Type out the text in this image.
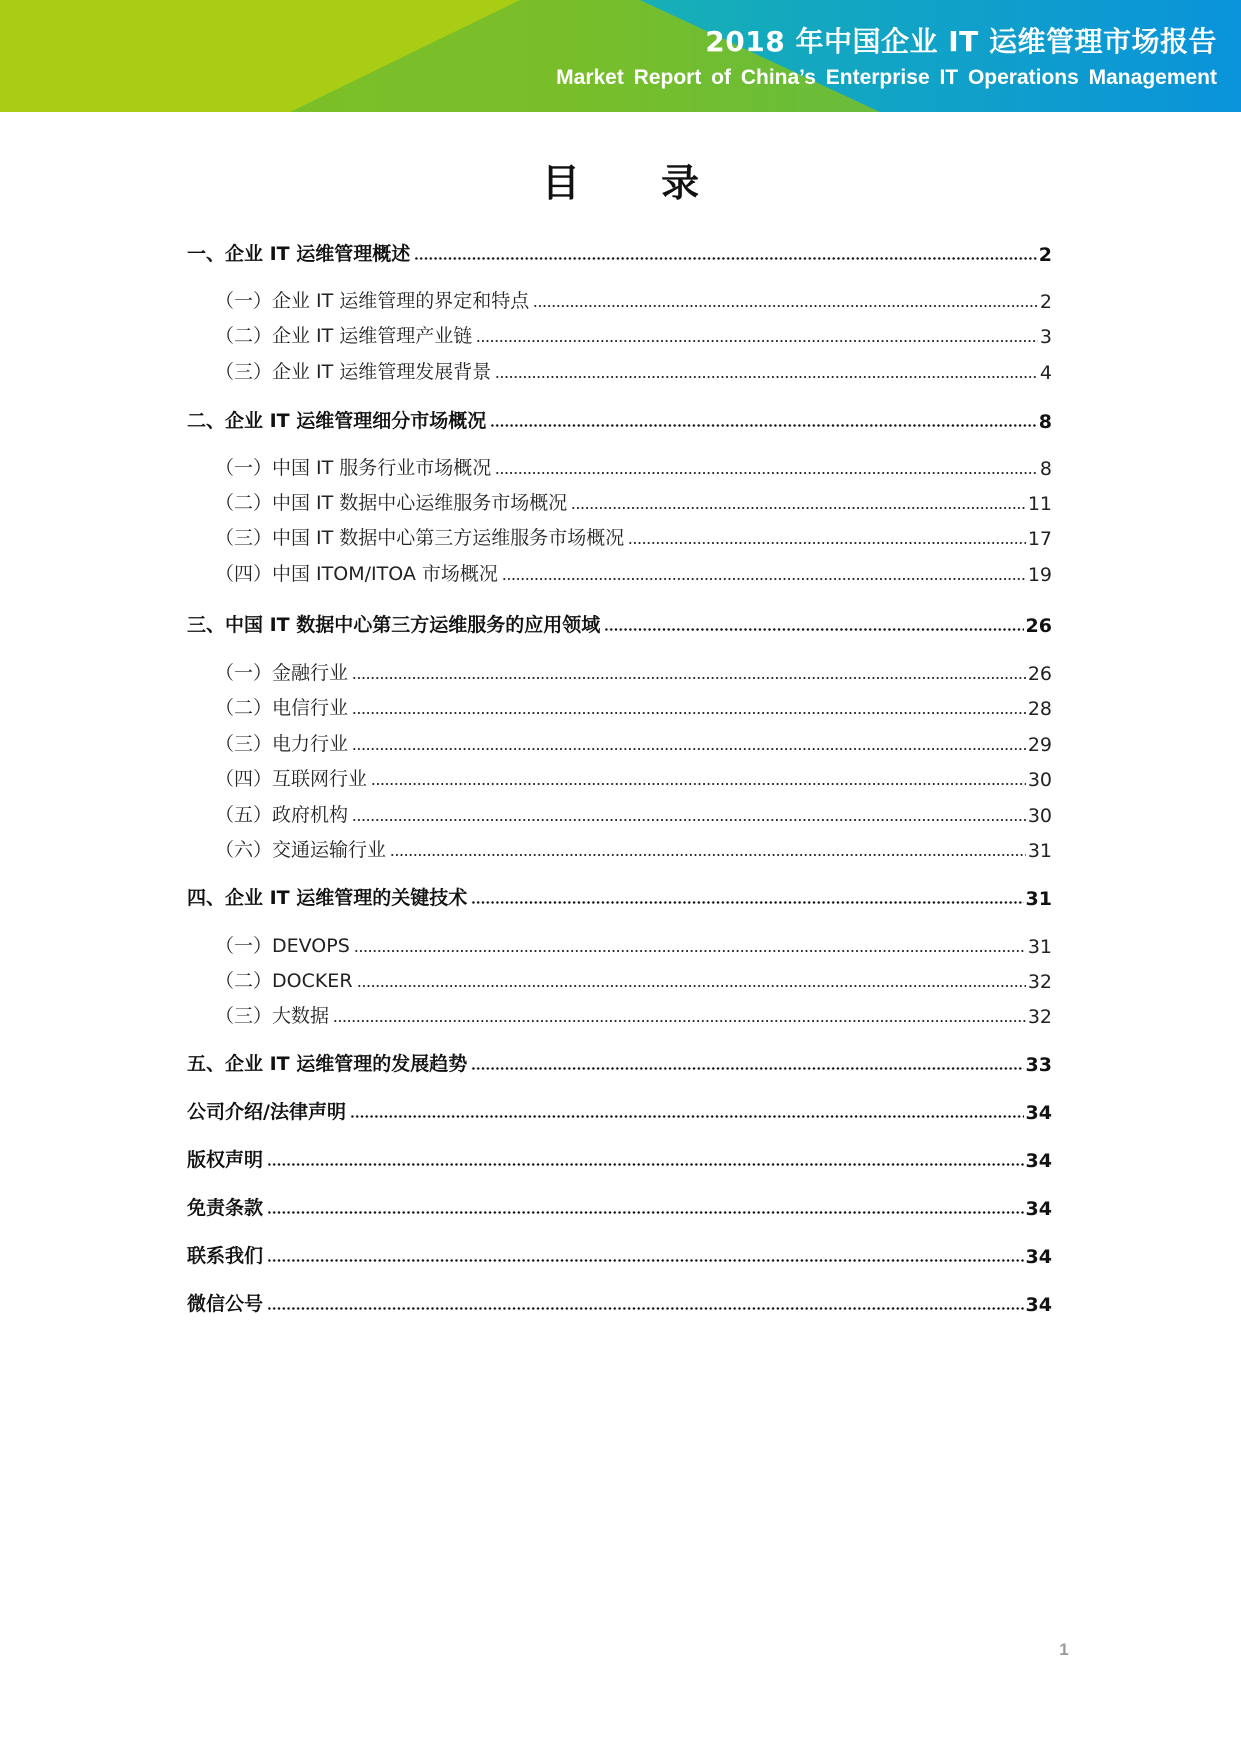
2018 年中国企业 IT 运维管理市场报告
Market Report of China’s Enterprise IT Operations Management
目 录
一、企业 IT 运维管理概述	2
（一）企业 IT 运维管理的界定和特点	2
（二）企业 IT 运维管理产业链	3
（三）企业 IT 运维管理发展背景	4
二、企业 IT 运维管理细分市场概况	8
（一）中国 IT 服务行业市场概况	8
（二）中国 IT 数据中心运维服务市场概况	11
（三）中国 IT 数据中心第三方运维服务市场概况	17
（四）中国 ITOM/ITOA 市场概况	19
三、中国 IT 数据中心第三方运维服务的应用领域	26
（一）金融行业	26
（二）电信行业	28
（三）电力行业	29
（四）互联网行业	30
（五）政府机构	30
（六）交通运输行业	31
四、企业 IT 运维管理的关键技术	31
（一）DEVOPS	31
（二）DOCKER	32
（三）大数据	32
五、企业 IT 运维管理的发展趋势	33
公司介绍/法律声明	34
版权声明	34
免责条款	34
联系我们	34
微信公号	34
1
